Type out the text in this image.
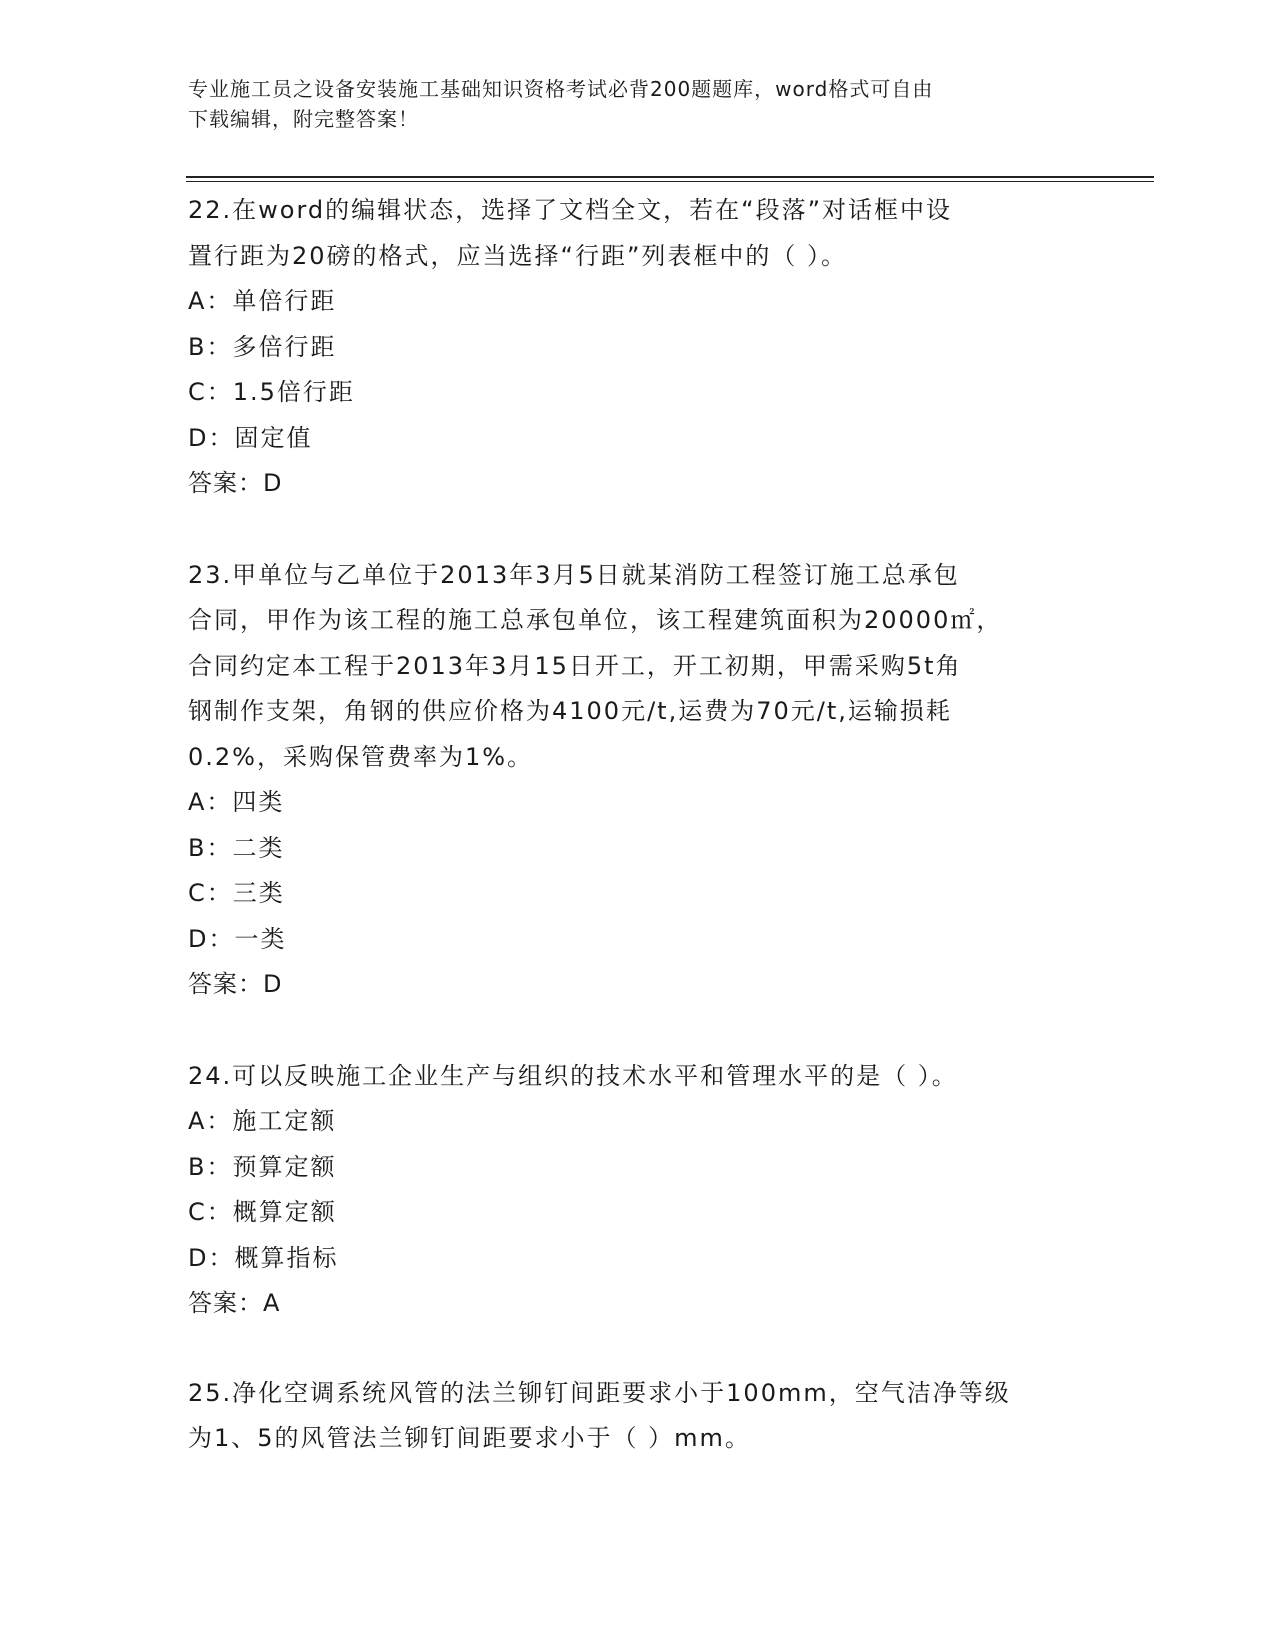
专业施工员之设备安装施工基础知识资格考试必背200题题库，word格式可自由
下载编辑，附完整答案！

22.在word的编辑状态，选择了文档全文，若在“段落”对话框中设

置行距为20磅的格式，应当选择“行距”列表框中的（ ）。

A：单倍行距

B：多倍行距

C：1.5倍行距

D：固定值

答案：D

23.甲单位与乙单位于2013年3月5日就某消防工程签订施工总承包

合同，甲作为该工程的施工总承包单位，该工程建筑面积为20000㎡，

合同约定本工程于2013年3月15日开工，开工初期，甲需采购5t角

钢制作支架，角钢的供应价格为4100元/t,运费为70元/t,运输损耗

0.2%，采购保管费率为1%。

A：四类

B：二类

C：三类

D：一类

答案：D

24.可以反映施工企业生产与组织的技术水平和管理水平的是（ ）。

A：施工定额

B：预算定额

C：概算定额

D：概算指标

答案：A

25.净化空调系统风管的法兰铆钉间距要求小于100mm，空气洁净等级

为1、5的风管法兰铆钉间距要求小于（ ）mm。
